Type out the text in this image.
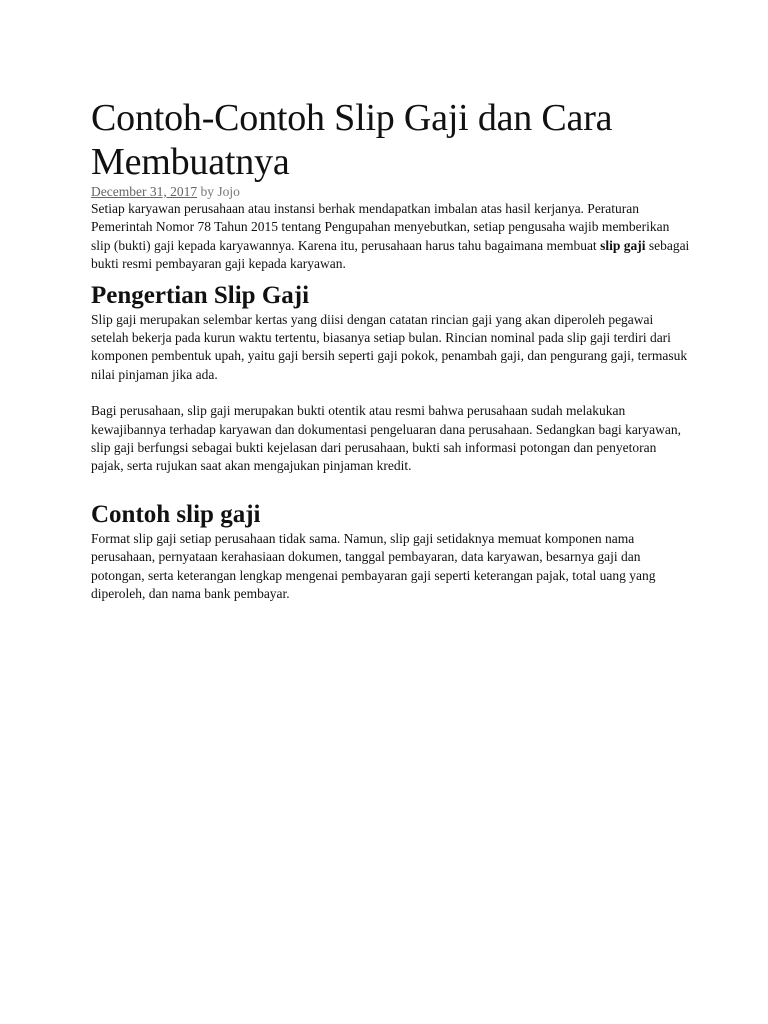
Contoh-Contoh Slip Gaji dan Cara Membuatnya
December 31, 2017 by Jojo

Setiap karyawan perusahaan atau instansi berhak mendapatkan imbalan atas hasil kerjanya. Peraturan Pemerintah Nomor 78 Tahun 2015 tentang Pengupahan menyebutkan, setiap pengusaha wajib memberikan slip (bukti) gaji kepada karyawannya. Karena itu, perusahaan harus tahu bagaimana membuat slip gaji sebagai bukti resmi pembayaran gaji kepada karyawan.

Pengertian Slip Gaji

Slip gaji merupakan selembar kertas yang diisi dengan catatan rincian gaji yang akan diperoleh pegawai setelah bekerja pada kurun waktu tertentu, biasanya setiap bulan. Rincian nominal pada slip gaji terdiri dari komponen pembentuk upah, yaitu gaji bersih seperti gaji pokok, penambah gaji, dan pengurang gaji, termasuk nilai pinjaman jika ada.

Bagi perusahaan, slip gaji merupakan bukti otentik atau resmi bahwa perusahaan sudah melakukan kewajibannya terhadap karyawan dan dokumentasi pengeluaran dana perusahaan. Sedangkan bagi karyawan, slip gaji berfungsi sebagai bukti kejelasan dari perusahaan, bukti sah informasi potongan dan penyetoran pajak, serta rujukan saat akan mengajukan pinjaman kredit.

Contoh slip gaji

Format slip gaji setiap perusahaan tidak sama. Namun, slip gaji setidaknya memuat komponen nama perusahaan, pernyataan kerahasiaan dokumen, tanggal pembayaran, data karyawan, besarnya gaji dan potongan, serta keterangan lengkap mengenai pembayaran gaji seperti keterangan pajak, total uang yang diperoleh, dan nama bank pembayar.
